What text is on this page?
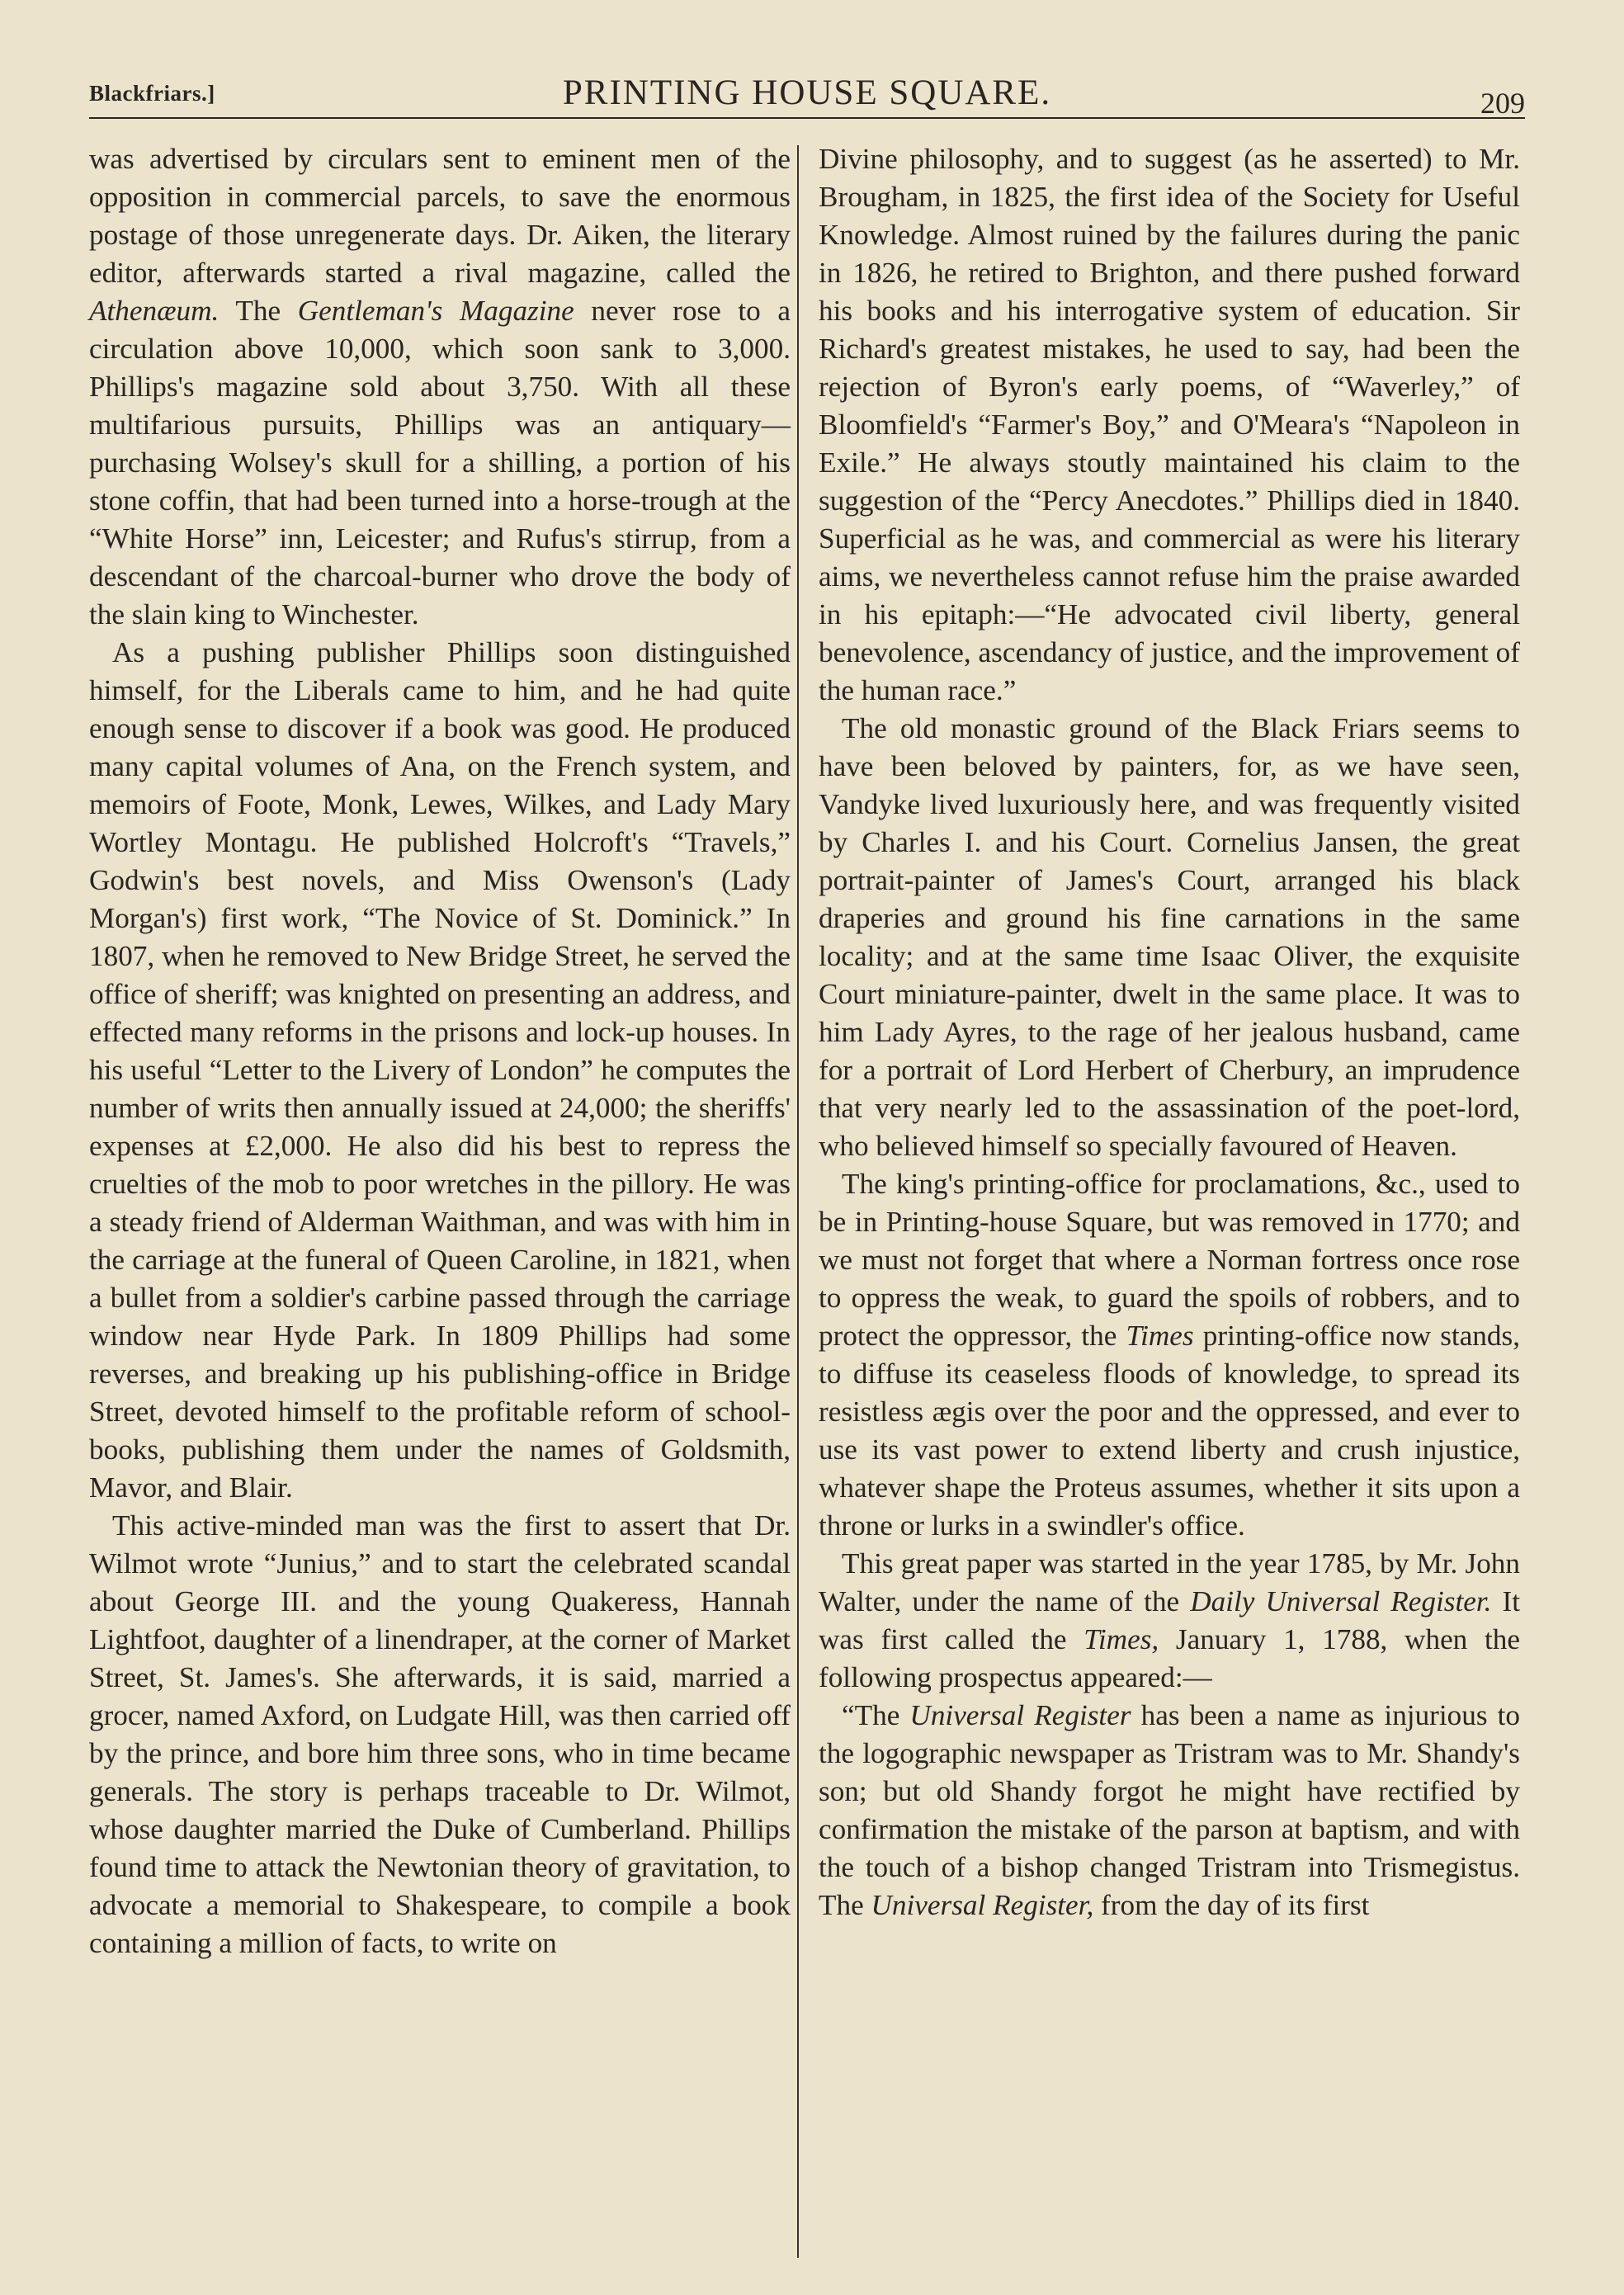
Blackfriars.]	PRINTING HOUSE SQUARE.	209

was advertised by circulars sent to eminent men of the opposition in commercial parcels, to save the enormous postage of those unregenerate days. Dr. Aiken, the literary editor, afterwards started a rival magazine, called the Athenæum. The Gentleman's Magazine never rose to a circulation above 10,000, which soon sank to 3,000. Phillips's magazine sold about 3,750. With all these multifarious pursuits, Phillips was an antiquary—purchasing Wolsey's skull for a shilling, a portion of his stone coffin, that had been turned into a horse-trough at the “White Horse” inn, Leicester; and Rufus's stirrup, from a descendant of the charcoal-burner who drove the body of the slain king to Winchester.

As a pushing publisher Phillips soon distinguished himself, for the Liberals came to him, and he had quite enough sense to discover if a book was good. He produced many capital volumes of Ana, on the French system, and memoirs of Foote, Monk, Lewes, Wilkes, and Lady Mary Wortley Montagu. He published Holcroft's “Travels,” Godwin's best novels, and Miss Owenson's (Lady Morgan's) first work, “The Novice of St. Dominick.” In 1807, when he removed to New Bridge Street, he served the office of sheriff; was knighted on presenting an address, and effected many reforms in the prisons and lock-up houses. In his useful “Letter to the Livery of London” he computes the number of writs then annually issued at 24,000; the sheriffs' expenses at £2,000. He also did his best to repress the cruelties of the mob to poor wretches in the pillory. He was a steady friend of Alderman Waithman, and was with him in the carriage at the funeral of Queen Caroline, in 1821, when a bullet from a soldier's carbine passed through the carriage window near Hyde Park. In 1809 Phillips had some reverses, and breaking up his publishing-office in Bridge Street, devoted himself to the profitable reform of school-books, publishing them under the names of Goldsmith, Mavor, and Blair.

This active-minded man was the first to assert that Dr. Wilmot wrote “Junius,” and to start the celebrated scandal about George III. and the young Quakeress, Hannah Lightfoot, daughter of a linendraper, at the corner of Market Street, St. James's. She afterwards, it is said, married a grocer, named Axford, on Ludgate Hill, was then carried off by the prince, and bore him three sons, who in time became generals. The story is perhaps traceable to Dr. Wilmot, whose daughter married the Duke of Cumberland. Phillips found time to attack the Newtonian theory of gravitation, to advocate a memorial to Shakespeare, to compile a book containing a million of facts, to write on

Divine philosophy, and to suggest (as he asserted) to Mr. Brougham, in 1825, the first idea of the Society for Useful Knowledge. Almost ruined by the failures during the panic in 1826, he retired to Brighton, and there pushed forward his books and his interrogative system of education. Sir Richard's greatest mistakes, he used to say, had been the rejection of Byron's early poems, of “Waverley,” of Bloomfield's “Farmer's Boy,” and O'Meara's “Napoleon in Exile.” He always stoutly maintained his claim to the suggestion of the “Percy Anecdotes.” Phillips died in 1840. Superficial as he was, and commercial as were his literary aims, we nevertheless cannot refuse him the praise awarded in his epitaph:—“He advocated civil liberty, general benevolence, ascendancy of justice, and the improvement of the human race.”

The old monastic ground of the Black Friars seems to have been beloved by painters, for, as we have seen, Vandyke lived luxuriously here, and was frequently visited by Charles I. and his Court. Cornelius Jansen, the great portrait-painter of James's Court, arranged his black draperies and ground his fine carnations in the same locality; and at the same time Isaac Oliver, the exquisite Court miniature-painter, dwelt in the same place. It was to him Lady Ayres, to the rage of her jealous husband, came for a portrait of Lord Herbert of Cherbury, an imprudence that very nearly led to the assassination of the poet-lord, who believed himself so specially favoured of Heaven.

The king's printing-office for proclamations, &c., used to be in Printing-house Square, but was removed in 1770; and we must not forget that where a Norman fortress once rose to oppress the weak, to guard the spoils of robbers, and to protect the oppressor, the Times printing-office now stands, to diffuse its ceaseless floods of knowledge, to spread its resistless ægis over the poor and the oppressed, and ever to use its vast power to extend liberty and crush injustice, whatever shape the Proteus assumes, whether it sits upon a throne or lurks in a swindler's office.

This great paper was started in the year 1785, by Mr. John Walter, under the name of the Daily Universal Register. It was first called the Times, January 1, 1788, when the following prospectus appeared:—

“The Universal Register has been a name as injurious to the logographic newspaper as Tristram was to Mr. Shandy's son; but old Shandy forgot he might have rectified by confirmation the mistake of the parson at baptism, and with the touch of a bishop changed Tristram into Trismegistus. The Universal Register, from the day of its first
